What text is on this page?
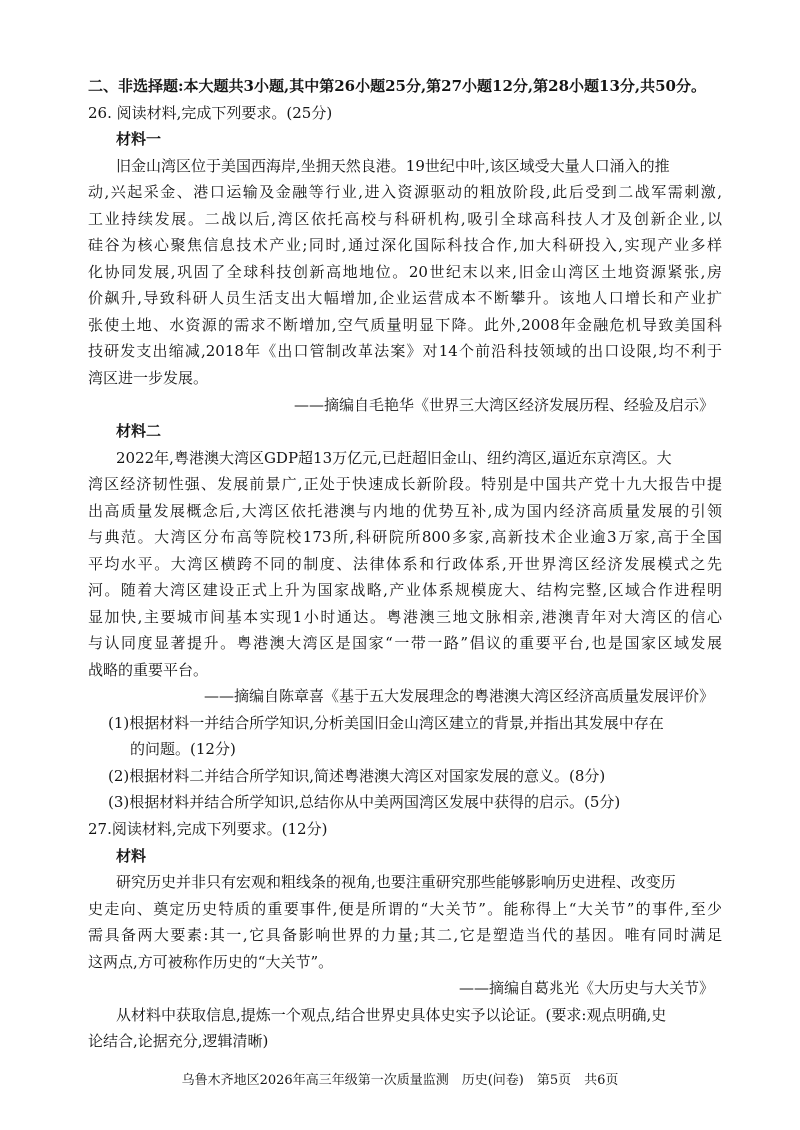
二、非选择题:本大题共3小题,其中第26小题25分,第27小题12分,第28小题13分,共50分。
26. 阅读材料,完成下列要求。(25分)
材料一
旧金山湾区位于美国西海岸,坐拥天然良港。19世纪中叶,该区域受大量人口涌入的推
动,兴起采金、港口运输及金融等行业,进入资源驱动的粗放阶段,此后受到二战军需刺激,
工业持续发展。二战以后,湾区依托高校与科研机构,吸引全球高科技人才及创新企业,以
硅谷为核心聚焦信息技术产业;同时,通过深化国际科技合作,加大科研投入,实现产业多样
化协同发展,巩固了全球科技创新高地地位。20世纪末以来,旧金山湾区土地资源紧张,房
价飙升,导致科研人员生活支出大幅增加,企业运营成本不断攀升。该地人口增长和产业扩
张使土地、水资源的需求不断增加,空气质量明显下降。此外,2008年金融危机导致美国科
技研发支出缩减,2018年《出口管制改革法案》对14个前沿科技领域的出口设限,均不利于
湾区进一步发展。
——摘编自毛艳华《世界三大湾区经济发展历程、经验及启示》
材料二
2022年,粤港澳大湾区GDP超13万亿元,已赶超旧金山、纽约湾区,逼近东京湾区。大
湾区经济韧性强、发展前景广,正处于快速成长新阶段。特别是中国共产党十九大报告中提
出高质量发展概念后,大湾区依托港澳与内地的优势互补,成为国内经济高质量发展的引领
与典范。大湾区分布高等院校173所,科研院所800多家,高新技术企业逾3万家,高于全国
平均水平。大湾区横跨不同的制度、法律体系和行政体系,开世界湾区经济发展模式之先
河。随着大湾区建设正式上升为国家战略,产业体系规模庞大、结构完整,区域合作进程明
显加快,主要城市间基本实现1小时通达。粤港澳三地文脉相亲,港澳青年对大湾区的信心
与认同度显著提升。粤港澳大湾区是国家“一带一路”倡议的重要平台,也是国家区域发展
战略的重要平台。
——摘编自陈章喜《基于五大发展理念的粤港澳大湾区经济高质量发展评价》
(1)根据材料一并结合所学知识,分析美国旧金山湾区建立的背景,并指出其发展中存在
的问题。(12分)
(2)根据材料二并结合所学知识,简述粤港澳大湾区对国家发展的意义。(8分)
(3)根据材料并结合所学知识,总结你从中美两国湾区发展中获得的启示。(5分)
27.阅读材料,完成下列要求。(12分)
材料
研究历史并非只有宏观和粗线条的视角,也要注重研究那些能够影响历史进程、改变历
史走向、奠定历史特质的重要事件,便是所谓的“大关节”。能称得上“大关节”的事件,至少
需具备两大要素:其一,它具备影响世界的力量;其二,它是塑造当代的基因。唯有同时满足
这两点,方可被称作历史的“大关节”。
——摘编自葛兆光《大历史与大关节》
从材料中获取信息,提炼一个观点,结合世界史具体史实予以论证。(要求:观点明确,史
论结合,论据充分,逻辑清晰)
乌鲁木齐地区2026年高三年级第一次质量监测　历史(问卷)　第5页　共6页
